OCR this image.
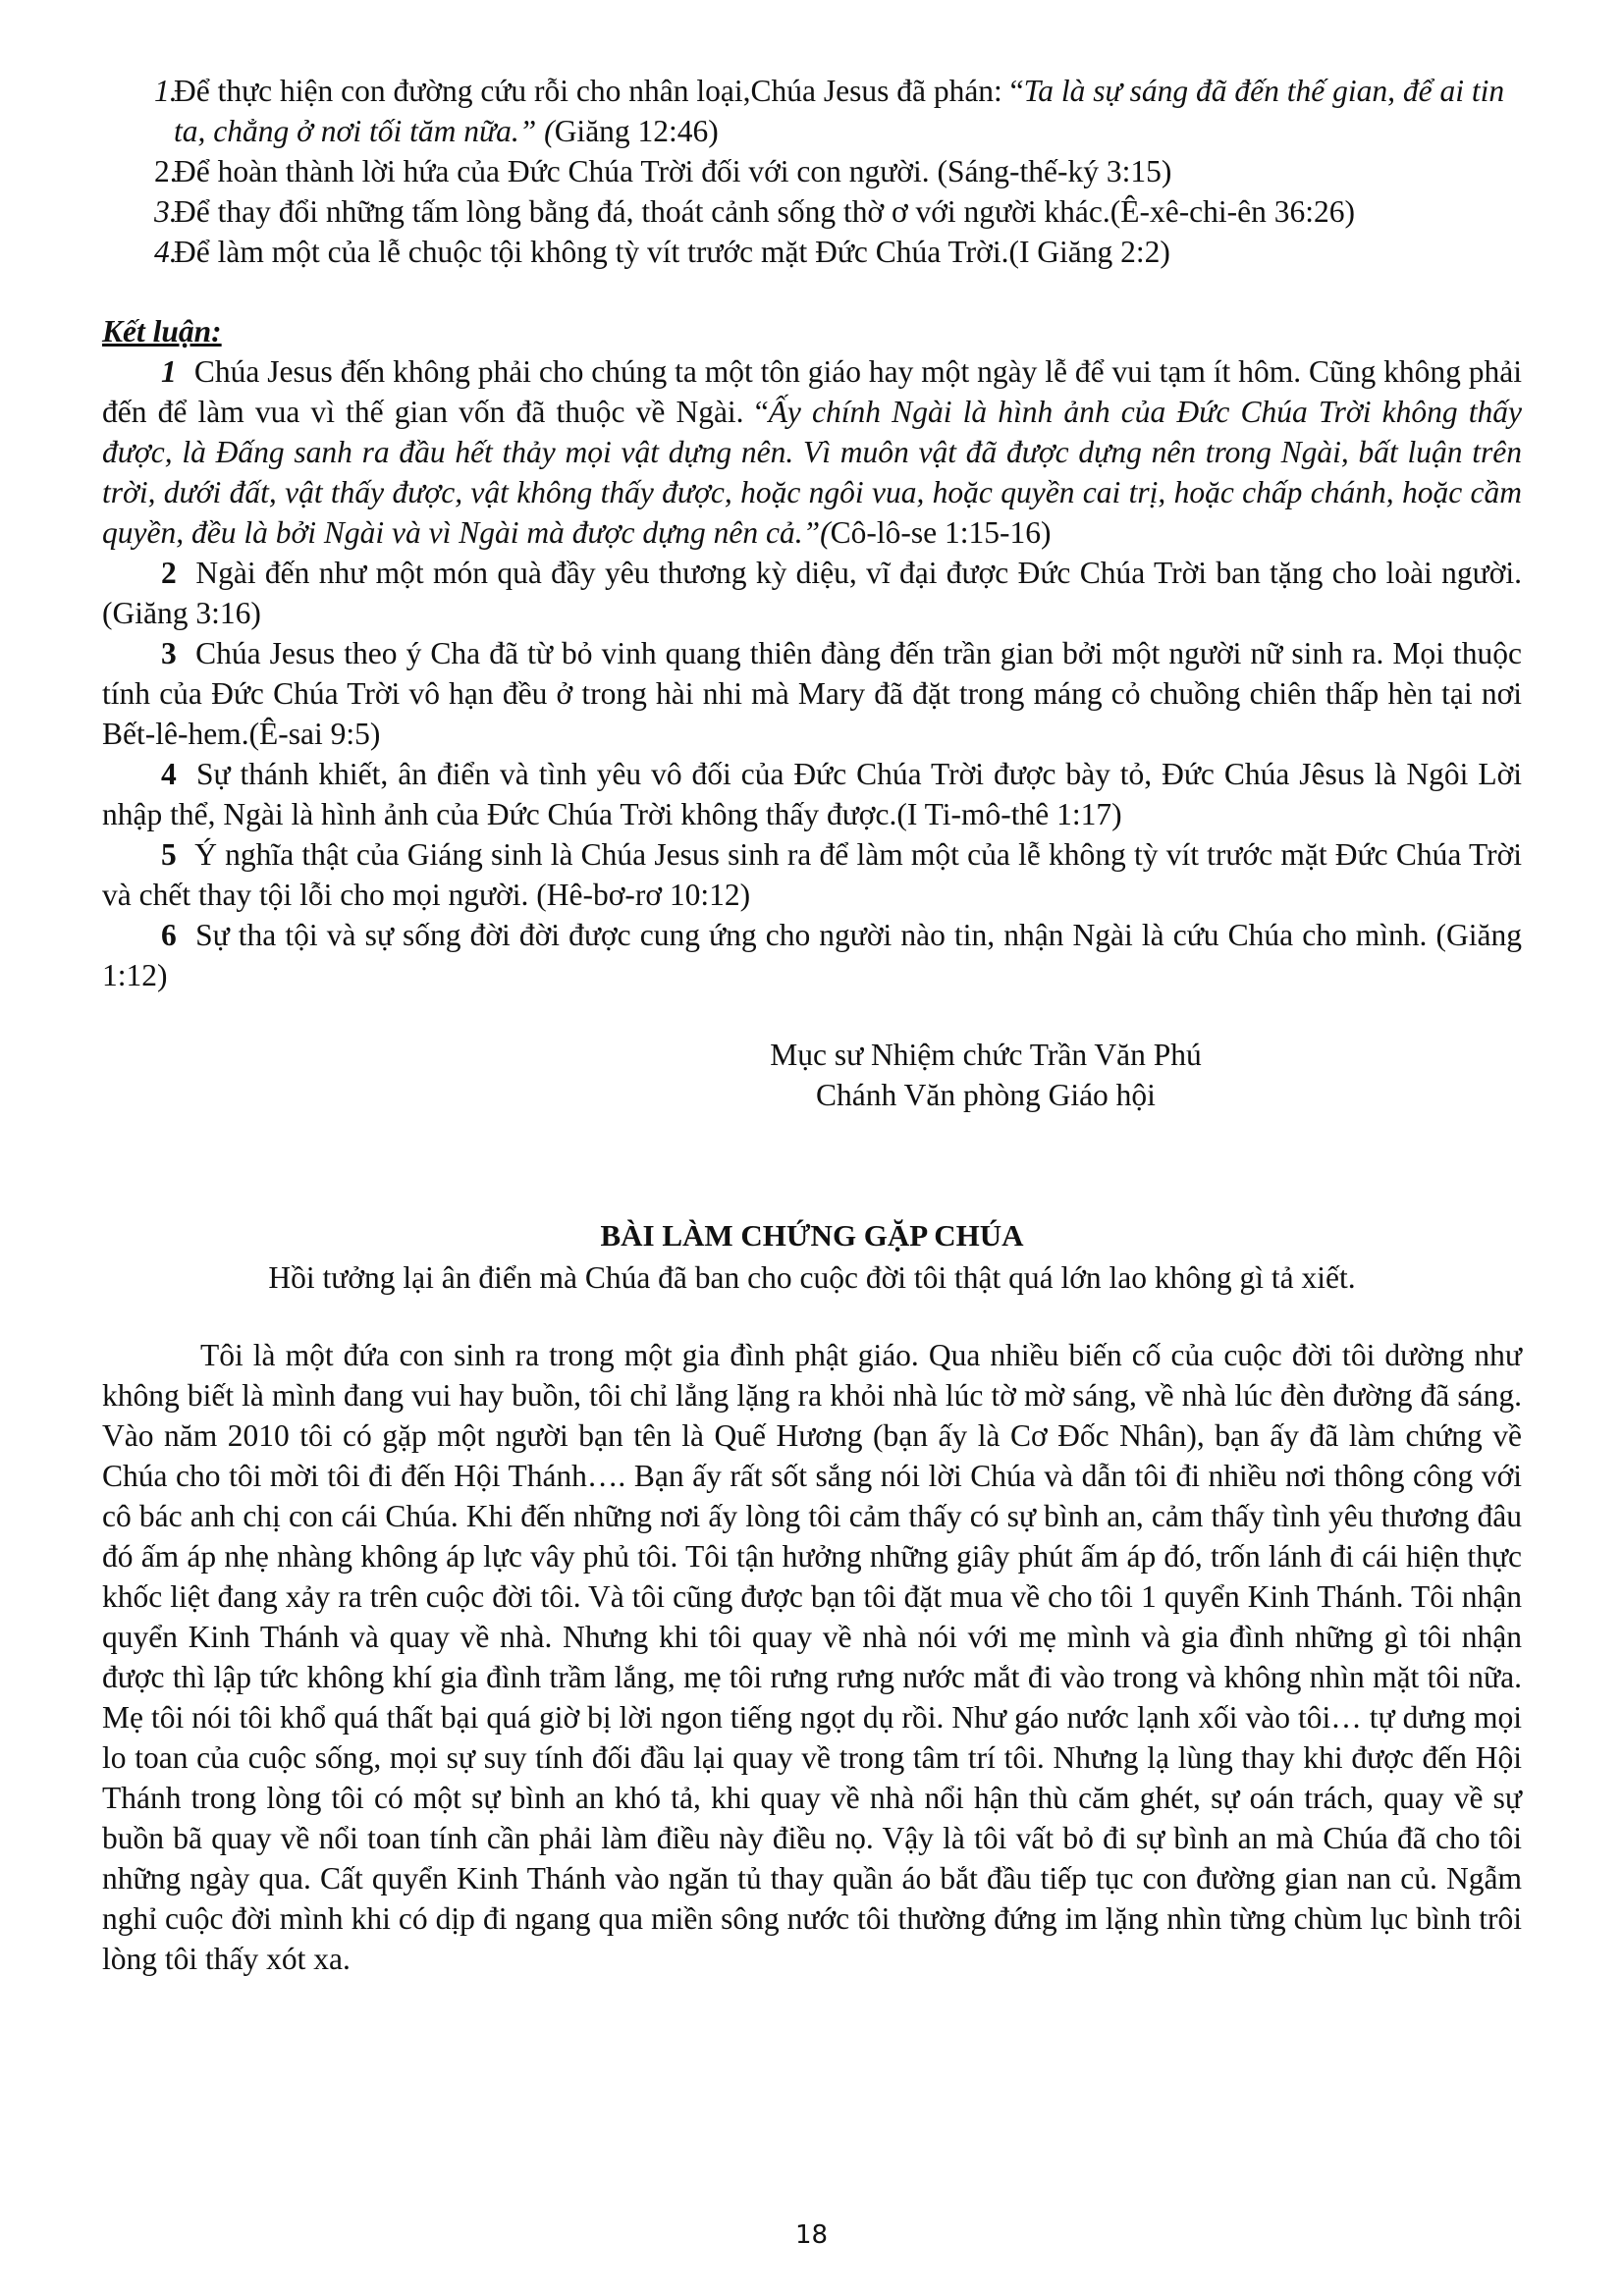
1.
Để thực hiện con đường cứu rỗi cho nhân loại,Chúa Jesus đã phán: “Ta là sự sáng đã đến thế gian, để ai tin ta, chẳng ở nơi tối tăm nữa.” (Giăng 12:46)
2.
Để hoàn thành lời hứa của Đức Chúa Trời đối với con người. (Sáng-thế-ký 3:15)
3.
Để thay đổi những tấm lòng bằng đá, thoát cảnh sống thờ ơ với người khác.(Ê-xê-chi-ên 36:26)
4.
Để làm một của lễ chuộc tội không tỳ vít trước mặt Đức Chúa Trời.(I Giăng 2:2)
Kết luận:
1 Chúa Jesus đến không phải cho chúng ta một tôn giáo hay một ngày lễ để vui tạm ít hôm. Cũng không phải đến để làm vua vì thế gian vốn đã thuộc về Ngài. “Ấy chính Ngài là hình ảnh của Đức Chúa Trời không thấy được, là Đấng sanh ra đầu hết thảy mọi vật dựng nên. Vì muôn vật đã được dựng nên trong Ngài, bất luận trên trời, dưới đất, vật thấy được, vật không thấy được, hoặc ngôi vua, hoặc quyền cai trị, hoặc chấp chánh, hoặc cầm quyền, đều là bởi Ngài và vì Ngài mà được dựng nên cả.”(Cô-lô-se 1:15-16)
2 Ngài đến như một món quà đầy yêu thương kỳ diệu, vĩ đại được Đức Chúa Trời ban tặng cho loài người.(Giăng 3:16)
3 Chúa Jesus theo ý Cha đã từ bỏ vinh quang thiên đàng đến trần gian bởi một người nữ sinh ra. Mọi thuộc tính của Đức Chúa Trời vô hạn đều ở trong hài nhi mà Mary đã đặt trong máng cỏ chuồng chiên thấp hèn tại nơi Bết-lê-hem.(Ê-sai 9:5)
4 Sự thánh khiết, ân điển và tình yêu vô đối của Đức Chúa Trời được bày tỏ, Đức Chúa Jêsus là Ngôi Lời nhập thể, Ngài là hình ảnh của Đức Chúa Trời không thấy được.(I Ti-mô-thê 1:17)
5 Ý nghĩa thật của Giáng sinh là Chúa Jesus sinh ra để làm một của lễ không tỳ vít trước mặt Đức Chúa Trời và chết thay tội lỗi cho mọi người. (Hê-bơ-rơ 10:12)
6 Sự tha tội và sự sống đời đời được cung ứng cho người nào tin, nhận Ngài là cứu Chúa cho mình. (Giăng 1:12)
Mục sư Nhiệm chức Trần Văn Phú
Chánh Văn phòng Giáo hội
BÀI LÀM CHỨNG GẶP CHÚA
Hồi tưởng lại ân điển mà Chúa đã ban cho cuộc đời tôi thật quá lớn lao không gì tả xiết.
Tôi là một đứa con sinh ra trong một gia đình phật giáo. Qua nhiều biến cố của cuộc đời tôi dường như không biết là mình đang vui hay buồn, tôi chỉ lẳng lặng ra khỏi nhà lúc tờ mờ sáng, về nhà lúc đèn đường đã sáng. Vào năm 2010 tôi có gặp một người bạn tên là Quế Hương (bạn ấy là Cơ Đốc Nhân), bạn ấy đã làm chứng về Chúa cho tôi mời tôi đi đến Hội Thánh…. Bạn ấy rất sốt sắng nói lời Chúa và dẫn tôi đi nhiều nơi thông công với cô bác anh chị con cái Chúa. Khi đến những nơi ấy lòng tôi cảm thấy có sự bình an, cảm thấy tình yêu thương đâu đó ấm áp nhẹ nhàng không áp lực vây phủ tôi. Tôi tận hưởng những giây phút ấm áp đó, trốn lánh đi cái hiện thực khốc liệt đang xảy ra trên cuộc đời tôi. Và tôi cũng được bạn tôi đặt mua về cho tôi 1 quyển Kinh Thánh. Tôi nhận quyển Kinh Thánh và quay về nhà. Nhưng khi tôi quay về nhà nói với mẹ mình và gia đình những gì tôi nhận được thì lập tức không khí gia đình trầm lắng, mẹ tôi rưng rưng nước mắt đi vào trong và không nhìn mặt tôi nữa. Mẹ tôi nói tôi khổ quá thất bại quá giờ bị lời ngon tiếng ngọt dụ rồi. Như gáo nước lạnh xối vào tôi… tự dưng mọi lo toan của cuộc sống, mọi sự suy tính đối đầu lại quay về trong tâm trí tôi. Nhưng lạ lùng thay khi được đến Hội Thánh trong lòng tôi có một sự bình an khó tả, khi quay về nhà nổi hận thù căm ghét, sự oán trách, quay về sự buồn bã quay về nổi toan tính cần phải làm điều này điều nọ. Vậy là tôi vất bỏ đi sự bình an mà Chúa đã cho tôi những ngày qua. Cất quyển Kinh Thánh vào ngăn tủ thay quần áo bắt đầu tiếp tục con đường gian nan củ. Ngẫm nghỉ cuộc đời mình khi có dịp đi ngang qua miền sông nước tôi thường đứng im lặng nhìn từng chùm lục bình trôi lòng tôi thấy xót xa.
18
